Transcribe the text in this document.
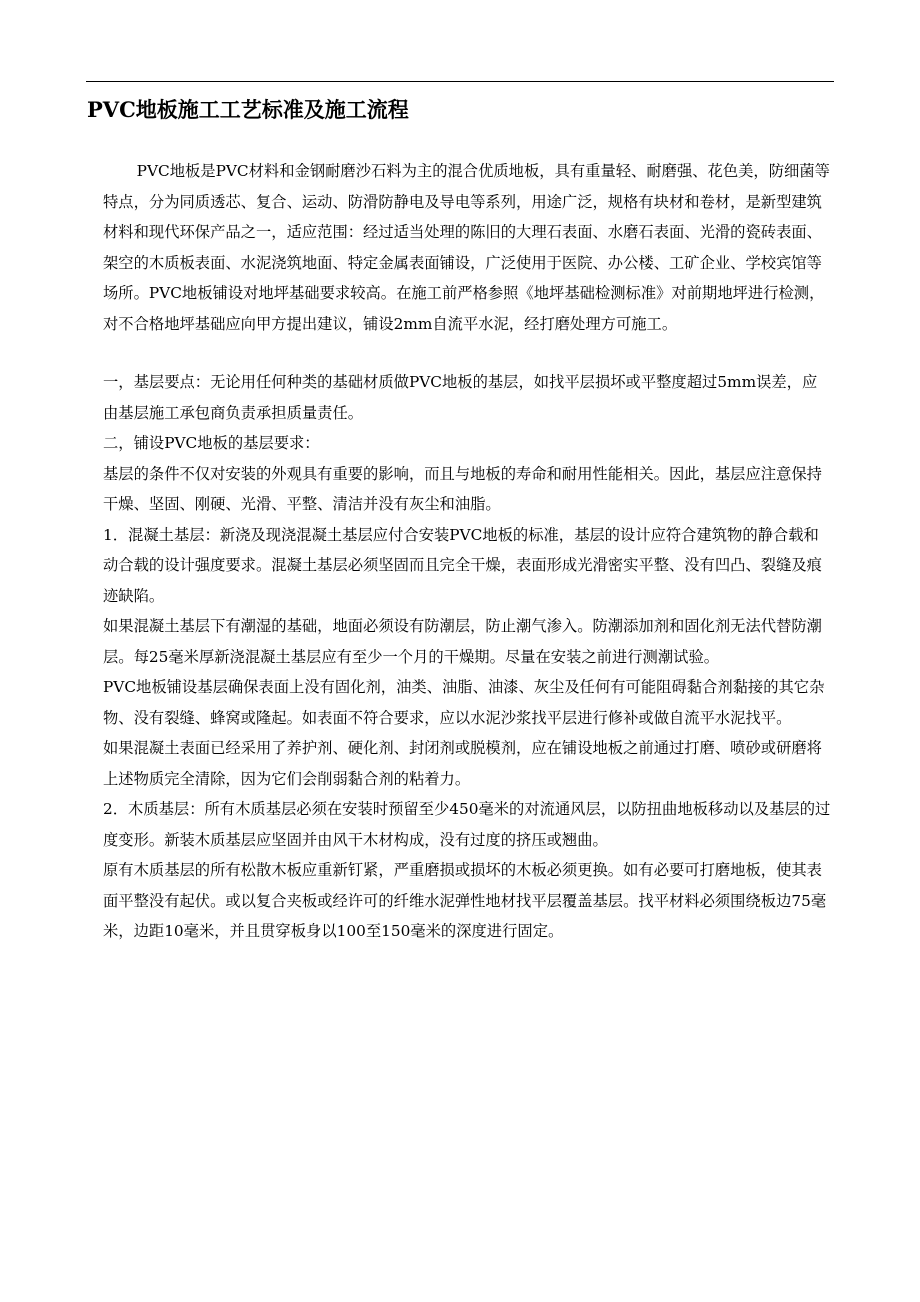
PVC地板施工工艺标准及施工流程

PVC地板是PVC材料和金钢耐磨沙石料为主的混合优质地板，具有重量轻、耐磨强、花色美，防细菌等特点，分为同质透芯、复合、运动、防滑防静电及导电等系列，用途广泛，规格有块材和卷材，是新型建筑材料和现代环保产品之一，适应范围：经过适当处理的陈旧的大理石表面、水磨石表面、光滑的瓷砖表面、架空的木质板表面、水泥浇筑地面、特定金属表面铺设，广泛使用于医院、办公楼、工矿企业、学校宾馆等场所。PVC地板铺设对地坪基础要求较高。在施工前严格参照《地坪基础检测标准》对前期地坪进行检测，对不合格地坪基础应向甲方提出建议，铺设2mm自流平水泥，经打磨处理方可施工。

一，基层要点：无论用任何种类的基础材质做PVC地板的基层，如找平层损坏或平整度超过5mm误差，应由基层施工承包商负责承担质量责任。

二，铺设PVC地板的基层要求：

基层的条件不仅对安装的外观具有重要的影响，而且与地板的寿命和耐用性能相关。因此，基层应注意保持干燥、坚固、刚硬、光滑、平整、清洁并没有灰尘和油脂。

1．混凝土基层：新浇及现浇混凝土基层应付合安装PVC地板的标准，基层的设计应符合建筑物的静合载和动合载的设计强度要求。混凝土基层必须坚固而且完全干燥，表面形成光滑密实平整、没有凹凸、裂缝及痕迹缺陷。

如果混凝土基层下有潮湿的基础，地面必须设有防潮层，防止潮气渗入。防潮添加剂和固化剂无法代替防潮层。每25毫米厚新浇混凝土基层应有至少一个月的干燥期。尽量在安装之前进行测潮试验。

PVC地板铺设基层确保表面上没有固化剂，油类、油脂、油漆、灰尘及任何有可能阻碍黏合剂黏接的其它杂物、没有裂缝、蜂窝或隆起。如表面不符合要求，应以水泥沙浆找平层进行修补或做自流平水泥找平。

如果混凝土表面已经采用了养护剂、硬化剂、封闭剂或脱模剂，应在铺设地板之前通过打磨、喷砂或研磨将上述物质完全清除，因为它们会削弱黏合剂的粘着力。

2．木质基层：所有木质基层必须在安装时预留至少450毫米的对流通风层，以防扭曲地板移动以及基层的过度变形。新装木质基层应坚固并由风干木材构成，没有过度的挤压或翘曲。

原有木质基层的所有松散木板应重新钉紧，严重磨损或损坏的木板必须更换。如有必要可打磨地板，使其表面平整没有起伏。或以复合夹板或经许可的纤维水泥弹性地材找平层覆盖基层。找平材料必须围绕板边75毫米，边距10毫米，并且贯穿板身以100至150毫米的深度进行固定。
